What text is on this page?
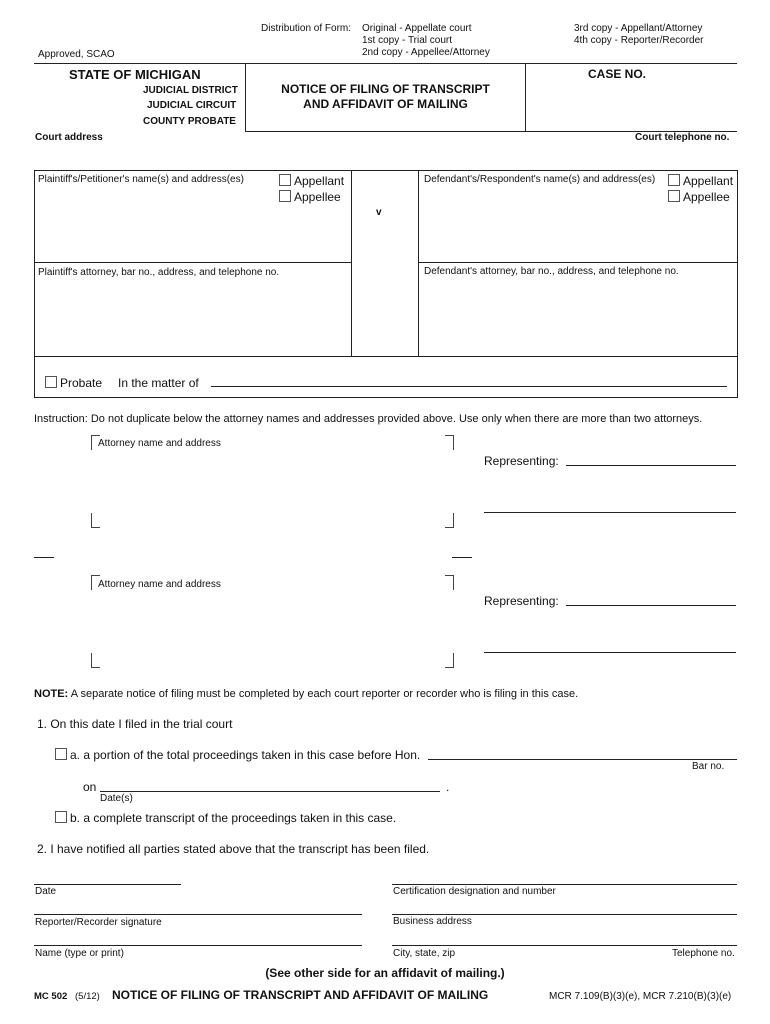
Distribution of Form: Original - Appellate court
1st copy - Trial court
2nd copy - Appellee/Attorney
3rd copy - Appellant/Attorney
4th copy - Reporter/Recorder
Approved, SCAO
STATE OF MICHIGAN
JUDICIAL DISTRICT
JUDICIAL CIRCUIT
COUNTY PROBATE
NOTICE OF FILING OF TRANSCRIPT
AND AFFIDAVIT OF MAILING
CASE NO.
Court address	Court telephone no.
Plaintiff's/Petitioner's name(s) and address(es)	Appellant
Appellee
v
Defendant's/Respondent's name(s) and address(es)	Appellant
Appellee
Plaintiff's attorney, bar no., address, and telephone no.	Defendant's attorney, bar no., address, and telephone no.
Probate In the matter of
Instruction: Do not duplicate below the attorney names and addresses provided above. Use only when there are more than two attorneys.
Attorney name and address
Representing:
Attorney name and address
Representing:
NOTE: A separate notice of filing must be completed by each court reporter or recorder who is filing in this case.
1. On this date I filed in the trial court
a. a portion of the total proceedings taken in this case before Hon.
Bar no.
on	.
Date(s)
b. a complete transcript of the proceedings taken in this case.
2. I have notified all parties stated above that the transcript has been filed.
Date	Certification designation and number
Reporter/Recorder signature	Business address
Name (type or print)	City, state, zip	Telephone no.
(See other side for an affidavit of mailing.)
MC 502 (5/12) NOTICE OF FILING OF TRANSCRIPT AND AFFIDAVIT OF MAILING	MCR 7.109(B)(3)(e), MCR 7.210(B)(3)(e)
